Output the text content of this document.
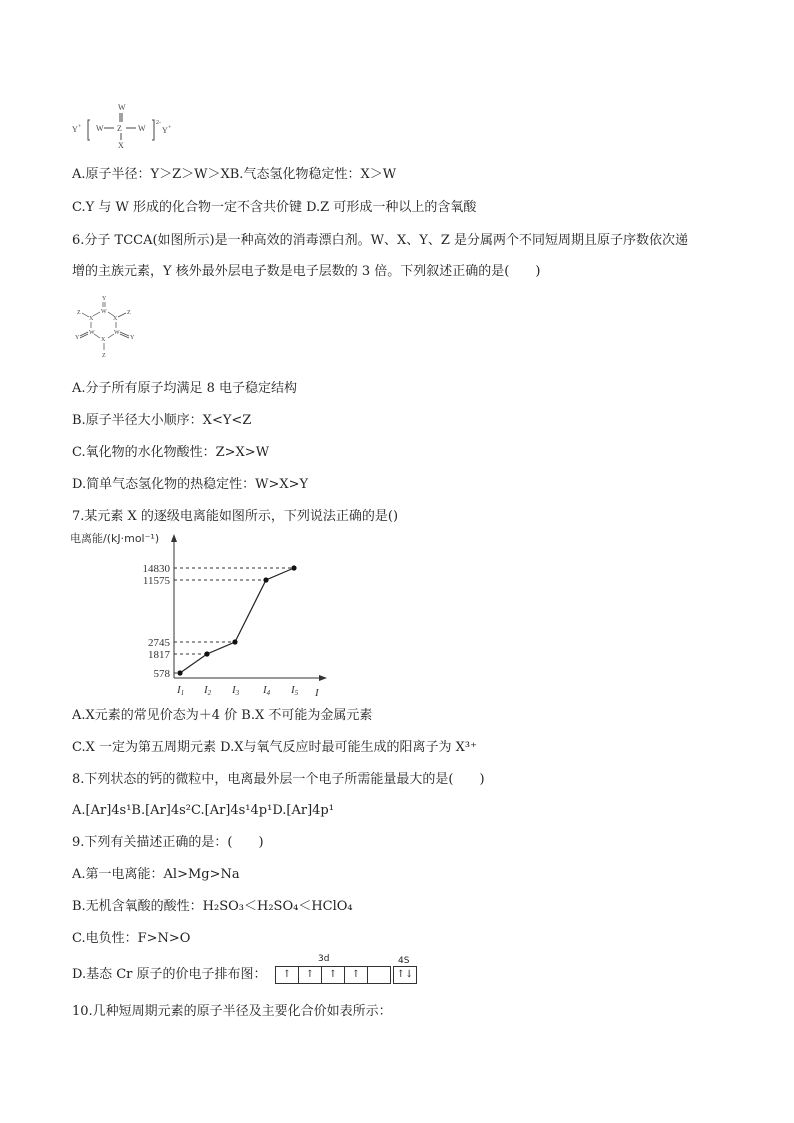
Y +
W
W Z W
X
2-
Y +
A.原子半径：Y＞Z＞W＞XB.气态氢化物稳定性：X＞W
C.Y 与 W 形成的化合物一定不含共价键 D.Z 可形成一种以上的含氧酸
6.分子 TCCA(如图所示)是一种高效的消毒漂白剂。W、X、Y、Z 是分属两个不同短周期且原子序数依次递
增的主族元素，Y 核外最外层电子数是电子层数的 3 倍。下列叙述正确的是(　　)
Y
W
X	X
Z	Z
W	W
Y	Y
X
Z
A.分子所有原子均满足 8 电子稳定结构
B.原子半径大小顺序：X<Y<Z
C.氧化物的水化物酸性：Z>X>W
D.简单气态氢化物的热稳定性：W>X>Y
7.某元素 X 的逐级电离能如图所示，下列说法正确的是()
电离能/(kJ·mol⁻¹)
I
578
1817
2745
11575
14830
I1 I2 I3 I4 I5
A.X元素的常见价态为＋4 价 B.X 不可能为金属元素
C.X 一定为第五周期元素 D.X与氧气反应时最可能生成的阳离子为 X³⁺
8.下列状态的钙的微粒中，电离最外层一个电子所需能量最大的是(　　)
A.[Ar]4s¹B.[Ar]4s²C.[Ar]4s¹4p¹D.[Ar]4p¹
9.下列有关描述正确的是：(　　)
A.第一电离能：Al>Mg>Na
B.无机含氧酸的酸性：H₂SO₃＜H₂SO₄＜HClO₄
C.电负性：F>N>O
D.基态 Cr 原子的价电子排布图：
3d
↑ ↑ ↑ ↑
4S
↑↓
10.几种短周期元素的原子半径及主要化合价如表所示：
